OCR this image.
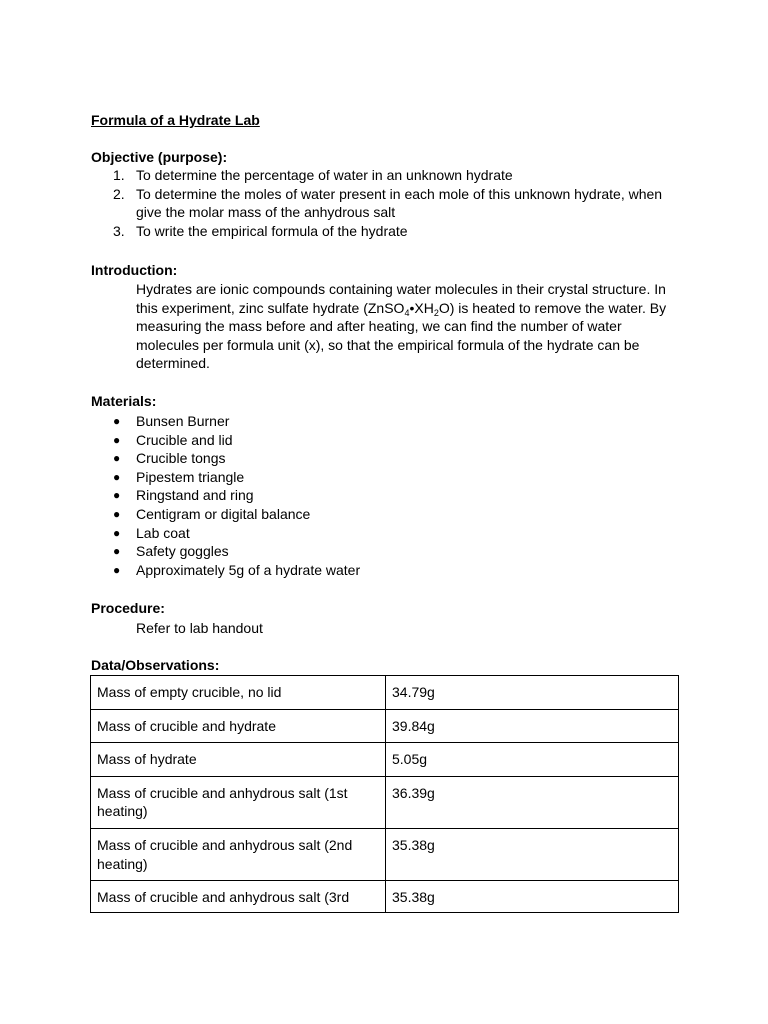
Formula of a Hydrate Lab

Objective (purpose):

1. To determine the percentage of water in an unknown hydrate
2. To determine the moles of water present in each mole of this unknown hydrate, when give the molar mass of the anhydrous salt
3. To write the empirical formula of the hydrate

Introduction:

Hydrates are ionic compounds containing water molecules in their crystal structure. In this experiment, zinc sulfate hydrate $(ZnSO_4•XH_2O)$ is heated to remove the water. By measuring the mass before and after heating, we can find the number of water molecules per formula unit (x), so that the empirical formula of the hydrate can be determined.

Materials:

● Bunsen Burner
● Crucible and lid
● Crucible tongs
● Pipestem triangle
● Ringstand and ring
● Centigram or digital balance
● Lab coat
● Safety goggles
● Approximately 5g of a hydrate water

Procedure:

Refer to lab handout

Data/Observations:

Mass of empty crucible, no lid	34.79g
Mass of crucible and hydrate	39.84g
Mass of hydrate	5.05g
Mass of crucible and anhydrous salt (1st heating)	36.39g
Mass of crucible and anhydrous salt (2nd heating)	35.38g
Mass of crucible and anhydrous salt (3rd	35.38g
